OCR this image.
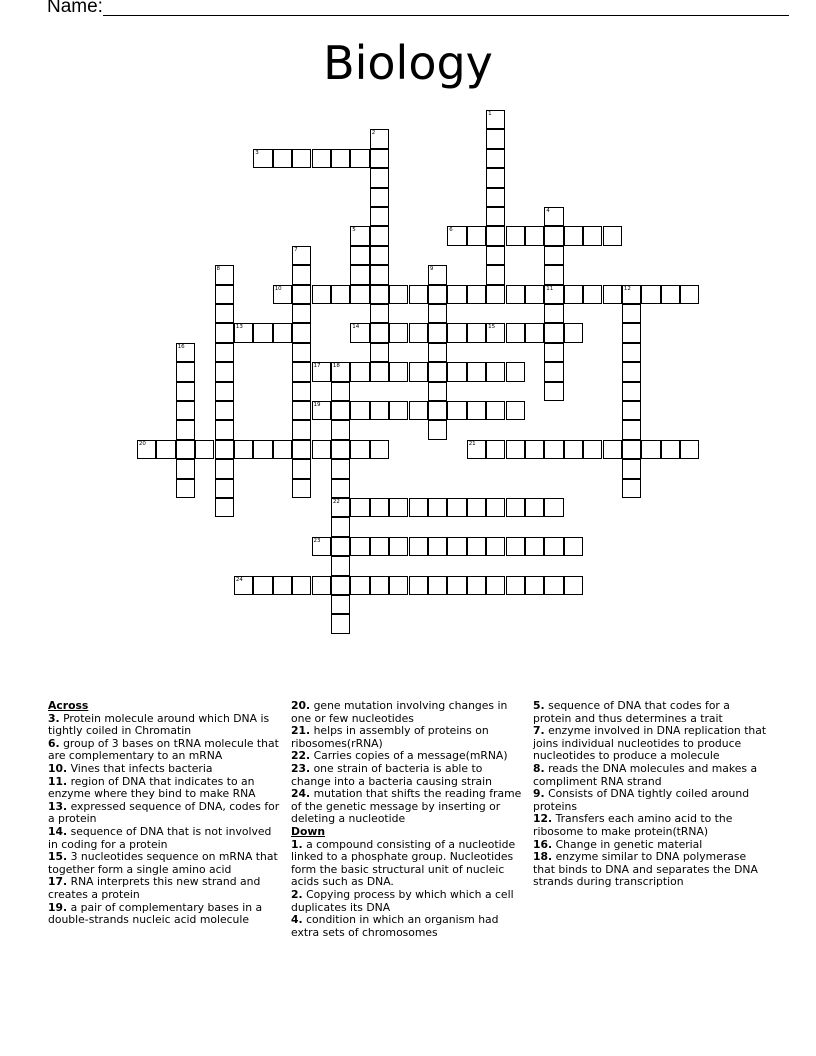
Name:
Biology
1
2
3
4
11
5	6
7
8	9
10	12
13	14	15
16
17 18
22
19
20	21
23
24
Across
3. Protein molecule around which DNA is tightly coiled in Chromatin
6. group of 3 bases on tRNA molecule that are complementary to an mRNA
10. Vines that infects bacteria
11. region of DNA that indicates to an enzyme where they bind to make RNA
13. expressed sequence of DNA, codes for a protein
14. sequence of DNA that is not involved in coding for a protein
15. 3 nucleotides sequence on mRNA that together form a single amino acid
17. RNA interprets this new strand and creates a protein
19. a pair of complementary bases in a double-strands nucleic acid molecule
20. gene mutation involving changes in one or few nucleotides
21. helps in assembly of proteins on ribosomes(rRNA)
22. Carries copies of a message(mRNA)
23. one strain of bacteria is able to change into a bacteria causing strain
24. mutation that shifts the reading frame of the genetic message by inserting or deleting a nucleotide
Down
1. a compound consisting of a nucleotide linked to a phosphate group. Nucleotides form the basic structural unit of nucleic acids such as DNA.
2. Copying process by which which a cell duplicates its DNA
4. condition in which an organism had extra sets of chromosomes
5. sequence of DNA that codes for a protein and thus determines a trait
7. enzyme involved in DNA replication that joins individual nucleotides to produce nucleotides to produce a molecule
8. reads the DNA molecules and makes a compliment RNA strand
9. Consists of DNA tightly coiled around proteins
12. Transfers each amino acid to the ribosome to make protein(tRNA)
16. Change in genetic material
18. enzyme similar to DNA polymerase that binds to DNA and separates the DNA strands during transcription
